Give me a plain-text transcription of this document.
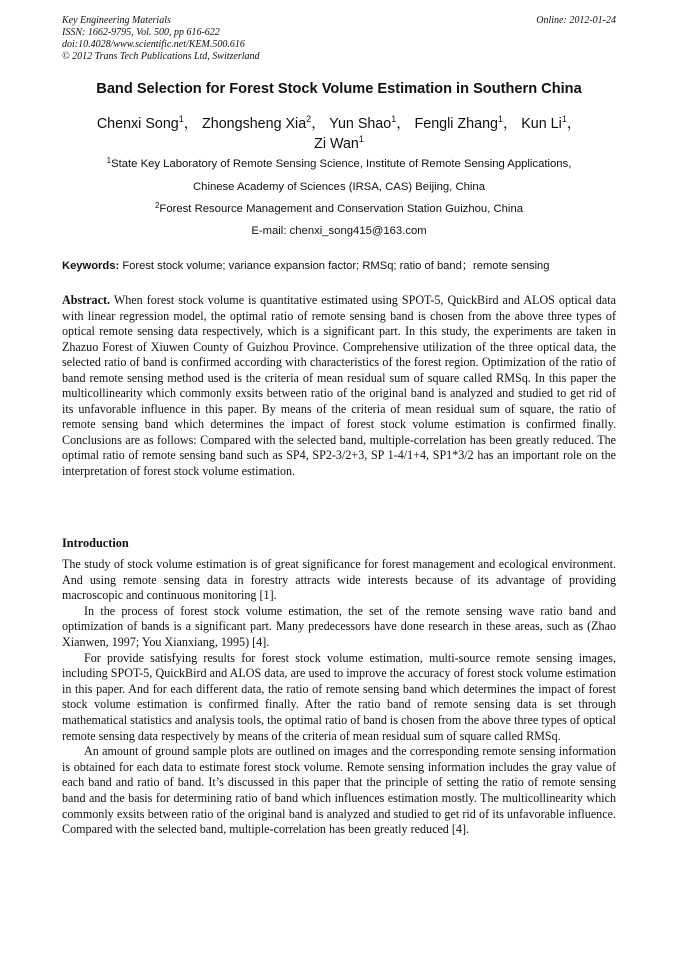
Key Engineering Materials
ISSN: 1662-9795, Vol. 500, pp 616-622
doi:10.4028/www.scientific.net/KEM.500.616
© 2012 Trans Tech Publications Ltd, Switzerland
Online: 2012-01-24
Band Selection for Forest Stock Volume Estimation in Southern China
Chenxi Song$^1$， Zhongsheng Xia$^2$， Yun Shao$^1$， Fengli Zhang$^1$， Kun Li$^1$，
Zi Wan$^1$
$^1$State Key Laboratory of Remote Sensing Science, Institute of Remote Sensing Applications,
Chinese Academy of Sciences (IRSA, CAS) Beijing, China
$^2$Forest Resource Management and Conservation Station Guizhou, China
E-mail: chenxi_song415@163.com
Keywords: Forest stock volume; variance expansion factor; RMSq; ratio of band；remote sensing
Abstract. When forest stock volume is quantitative estimated using SPOT-5, QuickBird and ALOS optical data with linear regression model, the optimal ratio of remote sensing band is chosen from the above three types of optical remote sensing data respectively, which is a significant part. In this study, the experiments are taken in Zhazuo Forest of Xiuwen County of Guizhou Province. Comprehensive utilization of the three optical data, the selected ratio of band is confirmed according with characteristics of the forest region. Optimization of the ratio of band remote sensing method used is the criteria of mean residual sum of square called RMSq. In this paper the multicollinearity which commonly exsits between ratio of the original band is analyzed and studied to get rid of its unfavorable influence in this paper. By means of the criteria of mean residual sum of square, the ratio of remote sensing band which determines the impact of forest stock volume estimation is confirmed finally. Conclusions are as follows: Compared with the selected band, multiple-correlation has been greatly reduced. The optimal ratio of remote sensing band such as SP4, SP2-3/2+3, SP 1-4/1+4, SP1*3/2 has an important role on the interpretation of forest stock volume estimation.
Introduction

The study of stock volume estimation is of great significance for forest management and ecological environment. And using remote sensing data in forestry attracts wide interests because of its advantage of providing macroscopic and continuous monitoring [1].

In the process of forest stock volume estimation, the set of the remote sensing wave ratio band and optimization of bands is a significant part. Many predecessors have done research in these areas, such as (Zhao Xianwen, 1997; You Xianxiang, 1995) [4].

For provide satisfying results for forest stock volume estimation, multi-source remote sensing images, including SPOT-5, QuickBird and ALOS data, are used to improve the accuracy of forest stock volume estimation in this paper. And for each different data, the ratio of remote sensing band which determines the impact of forest stock volume estimation is confirmed finally. After the ratio band of remote sensing data is set through mathematical statistics and analysis tools, the optimal ratio of band is chosen from the above three types of optical remote sensing data respectively by means of the criteria of mean residual sum of square called RMSq.

An amount of ground sample plots are outlined on images and the corresponding remote sensing information is obtained for each data to estimate forest stock volume. Remote sensing information includes the gray value of each band and ratio of band. It’s discussed in this paper that the principle of setting the ratio of remote sensing band and the basis for determining ratio of band which influences estimation mostly. The multicollinearity which commonly exsits between ratio of the original band is analyzed and studied to get rid of its unfavorable influence. Compared with the selected band, multiple-correlation has been greatly reduced [4].
